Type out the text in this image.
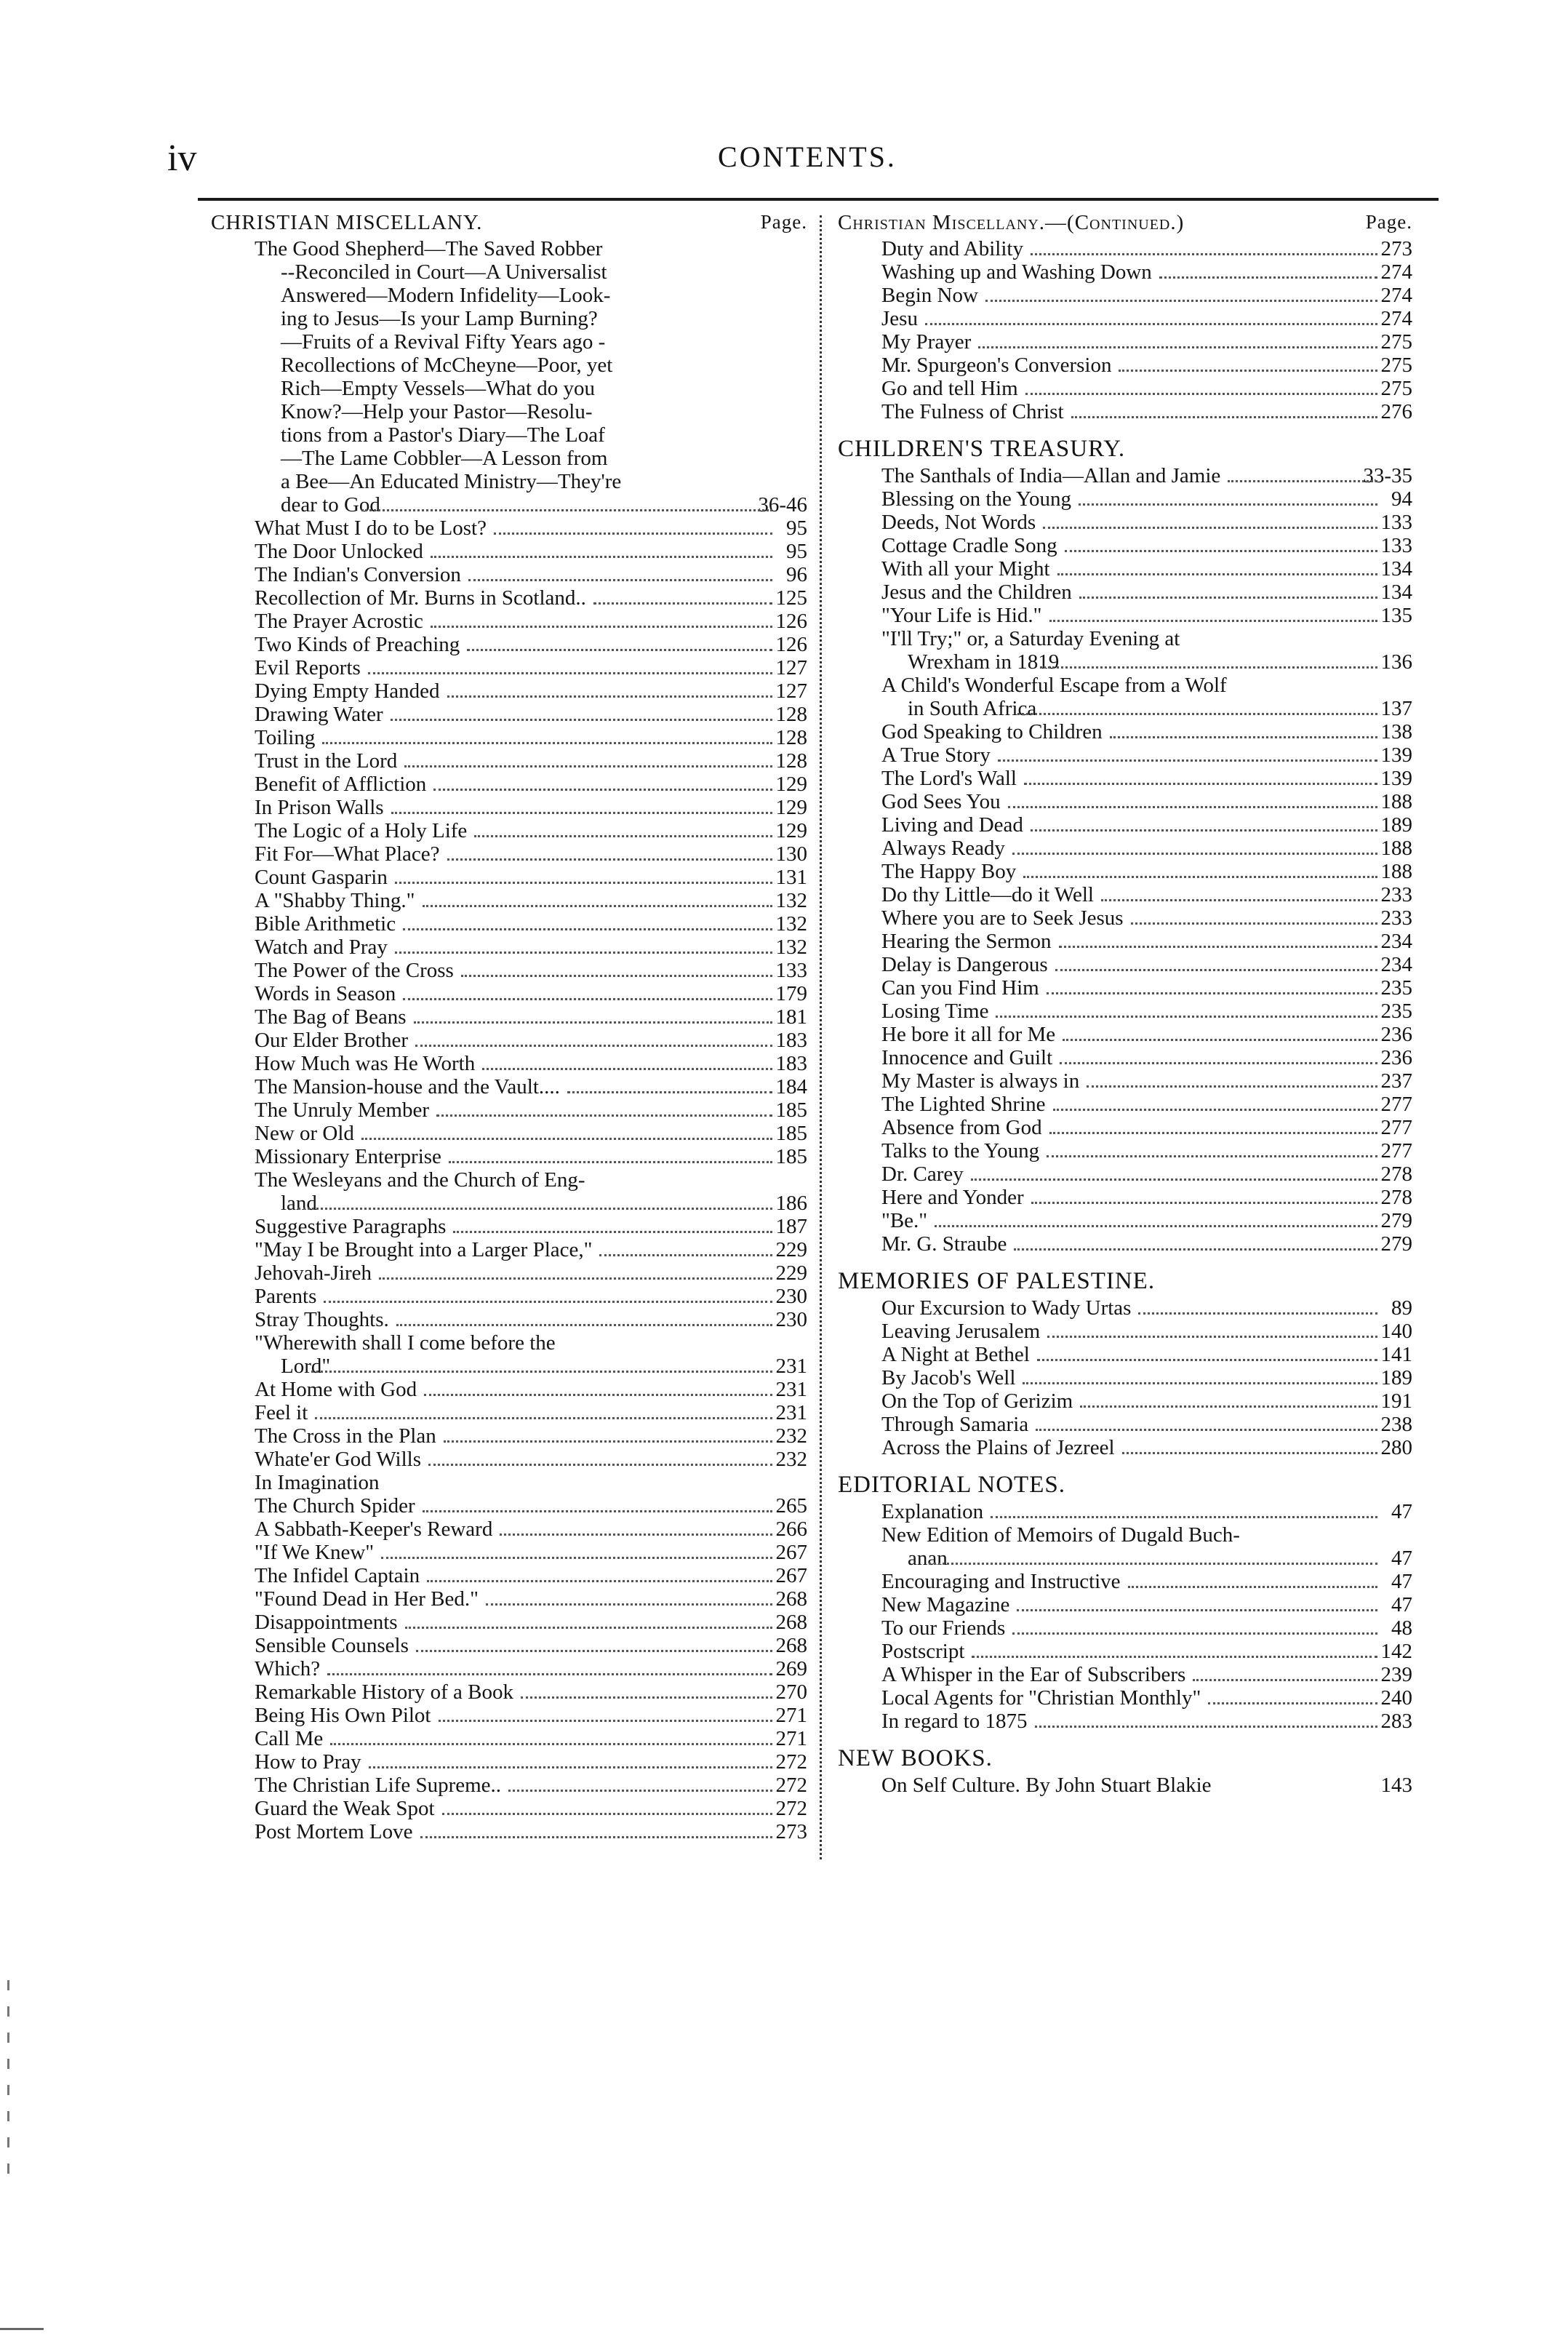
iv	CONTENTS.
CHRISTIAN MISCELLANY.	Page.
The Good Shepherd—The Saved Robber
--Reconciled in Court—A Universalist
Answered—Modern Infidelity—Look-
ing to Jesus—Is your Lamp Burning?
—Fruits of a Revival Fifty Years ago -
Recollections of McCheyne—Poor, yet
Rich—Empty Vessels—What do you
Know?—Help your Pastor—Resolu-
tions from a Pastor's Diary—The Loaf
—The Lame Cobbler—A Lesson from
a Bee—An Educated Ministry—They're
dear to God	36-46
What Must I do to be Lost?	95
The Door Unlocked	95
The Indian's Conversion	96
Recollection of Mr. Burns in Scotland..	125
The Prayer Acrostic	126
Two Kinds of Preaching	126
Evil Reports	127
Dying Empty Handed	127
Drawing Water	128
Toiling	128
Trust in the Lord	128
Benefit of Affliction	129
In Prison Walls	129
The Logic of a Holy Life	129
Fit For—What Place?	130
Count Gasparin	131
A "Shabby Thing."	132
Bible Arithmetic	132
Watch and Pray	132
The Power of the Cross	133
Words in Season	179
The Bag of Beans	181
Our Elder Brother	183
How Much was He Worth	183
The Mansion-house and the Vault....	184
The Unruly Member	185
New or Old	185
Missionary Enterprise	185
The Wesleyans and the Church of Eng-
land	186
Suggestive Paragraphs	187
"May I be Brought into a Larger Place,"	229
Jehovah-Jireh	229
Parents	230
Stray Thoughts.	230
"Wherewith shall I come before the
Lord"	231
At Home with God	231
Feel it	231
The Cross in the Plan	232
Whate'er God Wills	232
In Imagination
The Church Spider	265
A Sabbath-Keeper's Reward	266
"If We Knew"	267
The Infidel Captain	267
"Found Dead in Her Bed."	268
Disappointments	268
Sensible Counsels	268
Which?	269
Remarkable History of a Book	270
Being His Own Pilot	271
Call Me	271
How to Pray	272
The Christian Life Supreme..	272
Guard the Weak Spot	272
Post Mortem Love	273
Christian Miscellany.—(Continued.)	Page.
Duty and Ability	273
Washing up and Washing Down	274
Begin Now	274
Jesu	274
My Prayer	275
Mr. Spurgeon's Conversion	275
Go and tell Him	275
The Fulness of Christ	276
CHILDREN'S TREASURY.
The Santhals of India—Allan and Jamie	33-35
Blessing on the Young	94
Deeds, Not Words	133
Cottage Cradle Song	133
With all your Might	134
Jesus and the Children	134
"Your Life is Hid."	135
"I'll Try;" or, a Saturday Evening at
Wrexham in 1819	136
A Child's Wonderful Escape from a Wolf
in South Africa	137
God Speaking to Children	138
A True Story	139
The Lord's Wall	139
God Sees You	188
Living and Dead	189
Always Ready	188
The Happy Boy	188
Do thy Little—do it Well	233
Where you are to Seek Jesus	233
Hearing the Sermon	234
Delay is Dangerous	234
Can you Find Him	235
Losing Time	235
He bore it all for Me	236
Innocence and Guilt	236
My Master is always in	237
The Lighted Shrine	277
Absence from God	277
Talks to the Young	277
Dr. Carey	278
Here and Yonder	278
"Be."	279
Mr. G. Straube	279
MEMORIES OF PALESTINE.
Our Excursion to Wady Urtas	89
Leaving Jerusalem	140
A Night at Bethel	141
By Jacob's Well	189
On the Top of Gerizim	191
Through Samaria	238
Across the Plains of Jezreel	280
EDITORIAL NOTES.
Explanation	47
New Edition of Memoirs of Dugald Buch-
anan	47
Encouraging and Instructive	47
New Magazine	47
To our Friends	48
Postscript	142
A Whisper in the Ear of Subscribers	239
Local Agents for "Christian Monthly"	240
In regard to 1875	283
NEW BOOKS.
On Self Culture. By John Stuart Blakie	143
